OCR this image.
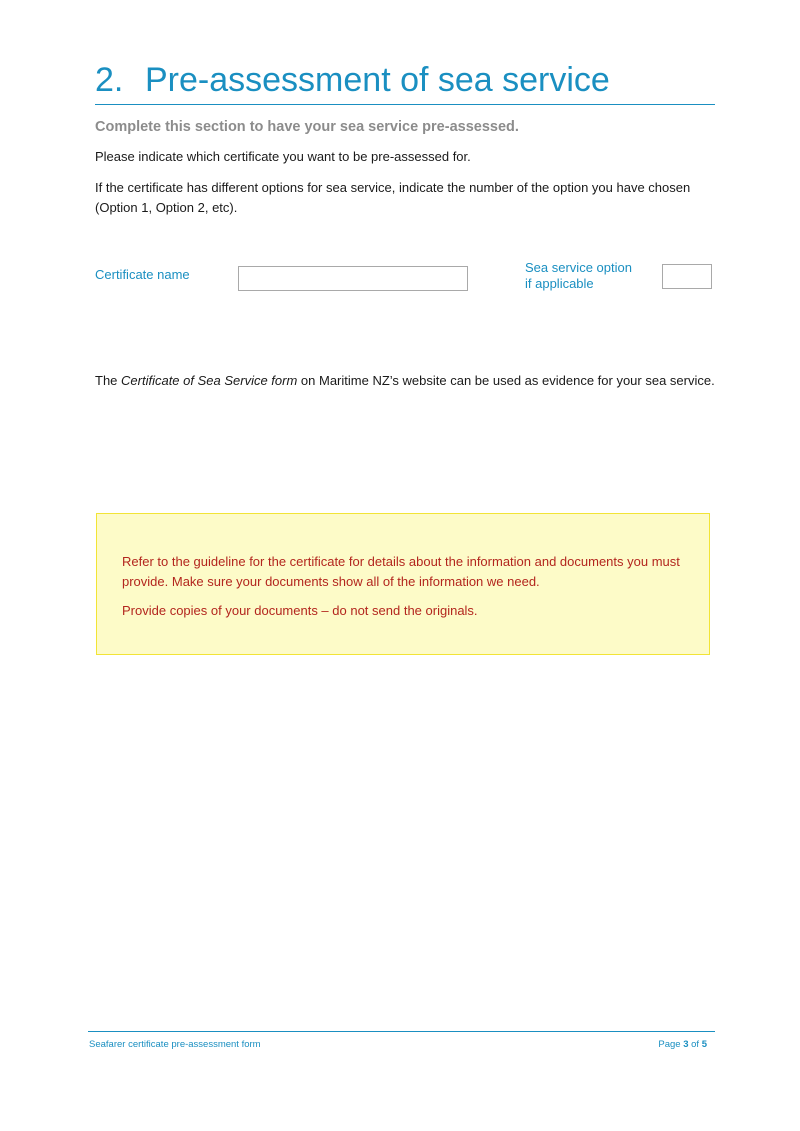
2. Pre-assessment of sea service
Complete this section to have your sea service pre-assessed.
Please indicate which certificate you want to be pre-assessed for.
If the certificate has different options for sea service, indicate the number of the option you have chosen (Option 1, Option 2, etc).
Certificate name	Sea service option
if applicable
The Certificate of Sea Service form on Maritime NZ’s website can be used as evidence for your sea service.
Refer to the guideline for the certificate for details about the information and documents you must provide. Make sure your documents show all of the information we need.
Provide copies of your documents – do not send the originals.
Seafarer certificate pre-assessment form	Page 3 of 5
